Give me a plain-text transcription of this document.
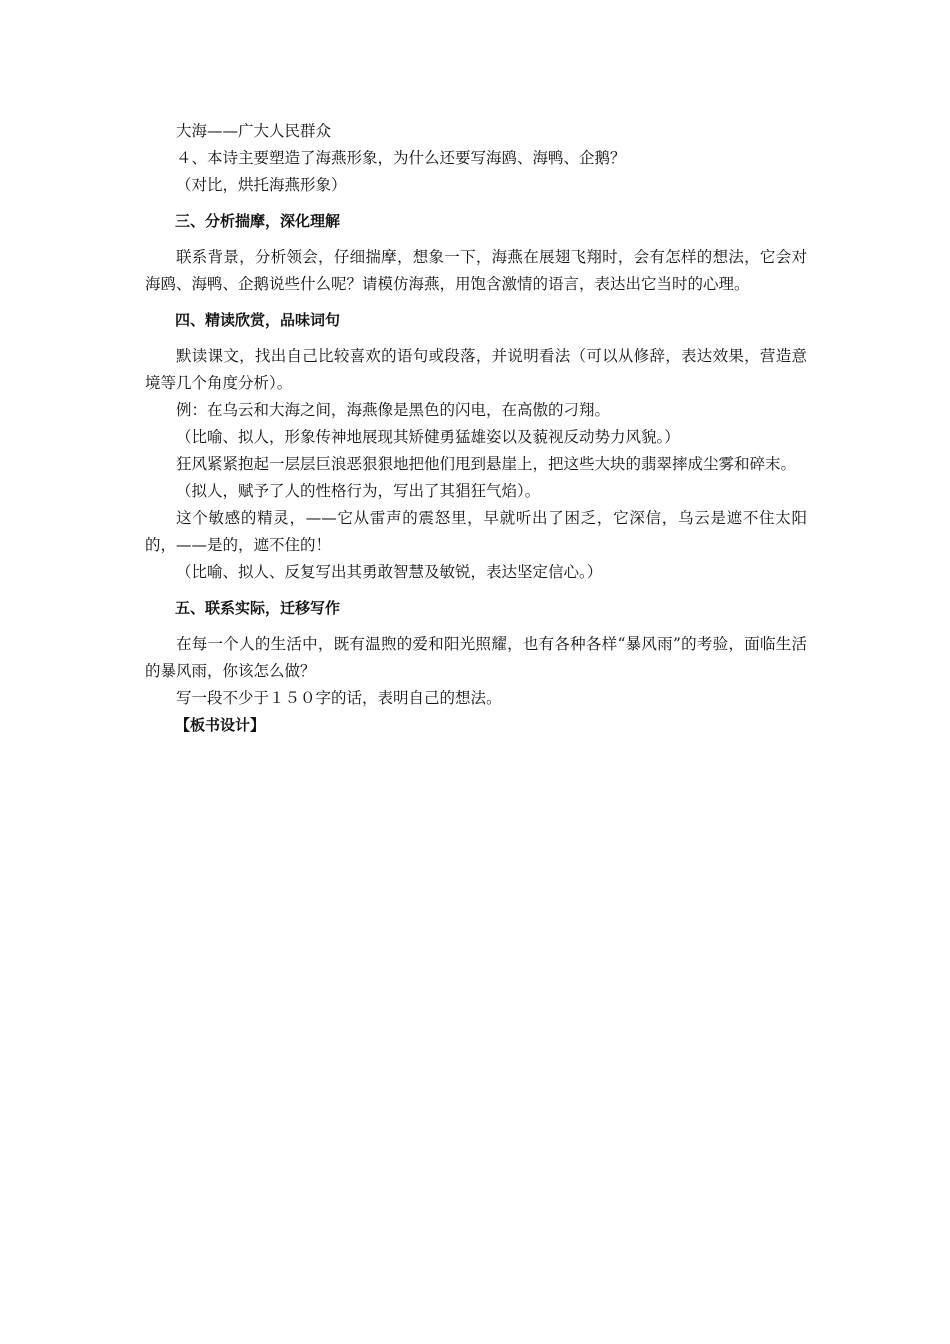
大海——广大人民群众

４、本诗主要塑造了海燕形象，为什么还要写海鸥、海鸭、企鹅？

（对比，烘托海燕形象）

三、分析揣摩，深化理解

联系背景，分析领会，仔细揣摩，想象一下，海燕在展翅飞翔时，会有怎样的想法，它会对海鸥、海鸭、企鹅说些什么呢？请模仿海燕，用饱含激情的语言，表达出它当时的心理。

四、精读欣赏，品味词句

默读课文，找出自己比较喜欢的语句或段落，并说明看法（可以从修辞，表达效果，营造意境等几个角度分析）。

例：在乌云和大海之间，海燕像是黑色的闪电，在高傲的刁翔。

（比喻、拟人，形象传神地展现其矫健勇猛雄姿以及藐视反动势力风貌。）

狂风紧紧抱起一层层巨浪恶狠狠地把他们甩到悬崖上，把这些大块的翡翠摔成尘雾和碎末。

（拟人，赋予了人的性格行为，写出了其猖狂气焰）。

这个敏感的精灵，——它从雷声的震怒里，早就听出了困乏，它深信，乌云是遮不住太阳的，——是的，遮不住的！

（比喻、拟人、反复写出其勇敢智慧及敏锐，表达坚定信心。）

五、联系实际，迁移写作

在每一个人的生活中，既有温煦的爱和阳光照耀，也有各种各样“暴风雨”的考验，面临生活的暴风雨，你该怎么做？

写一段不少于１５０字的话，表明自己的想法。

【板书设计】
